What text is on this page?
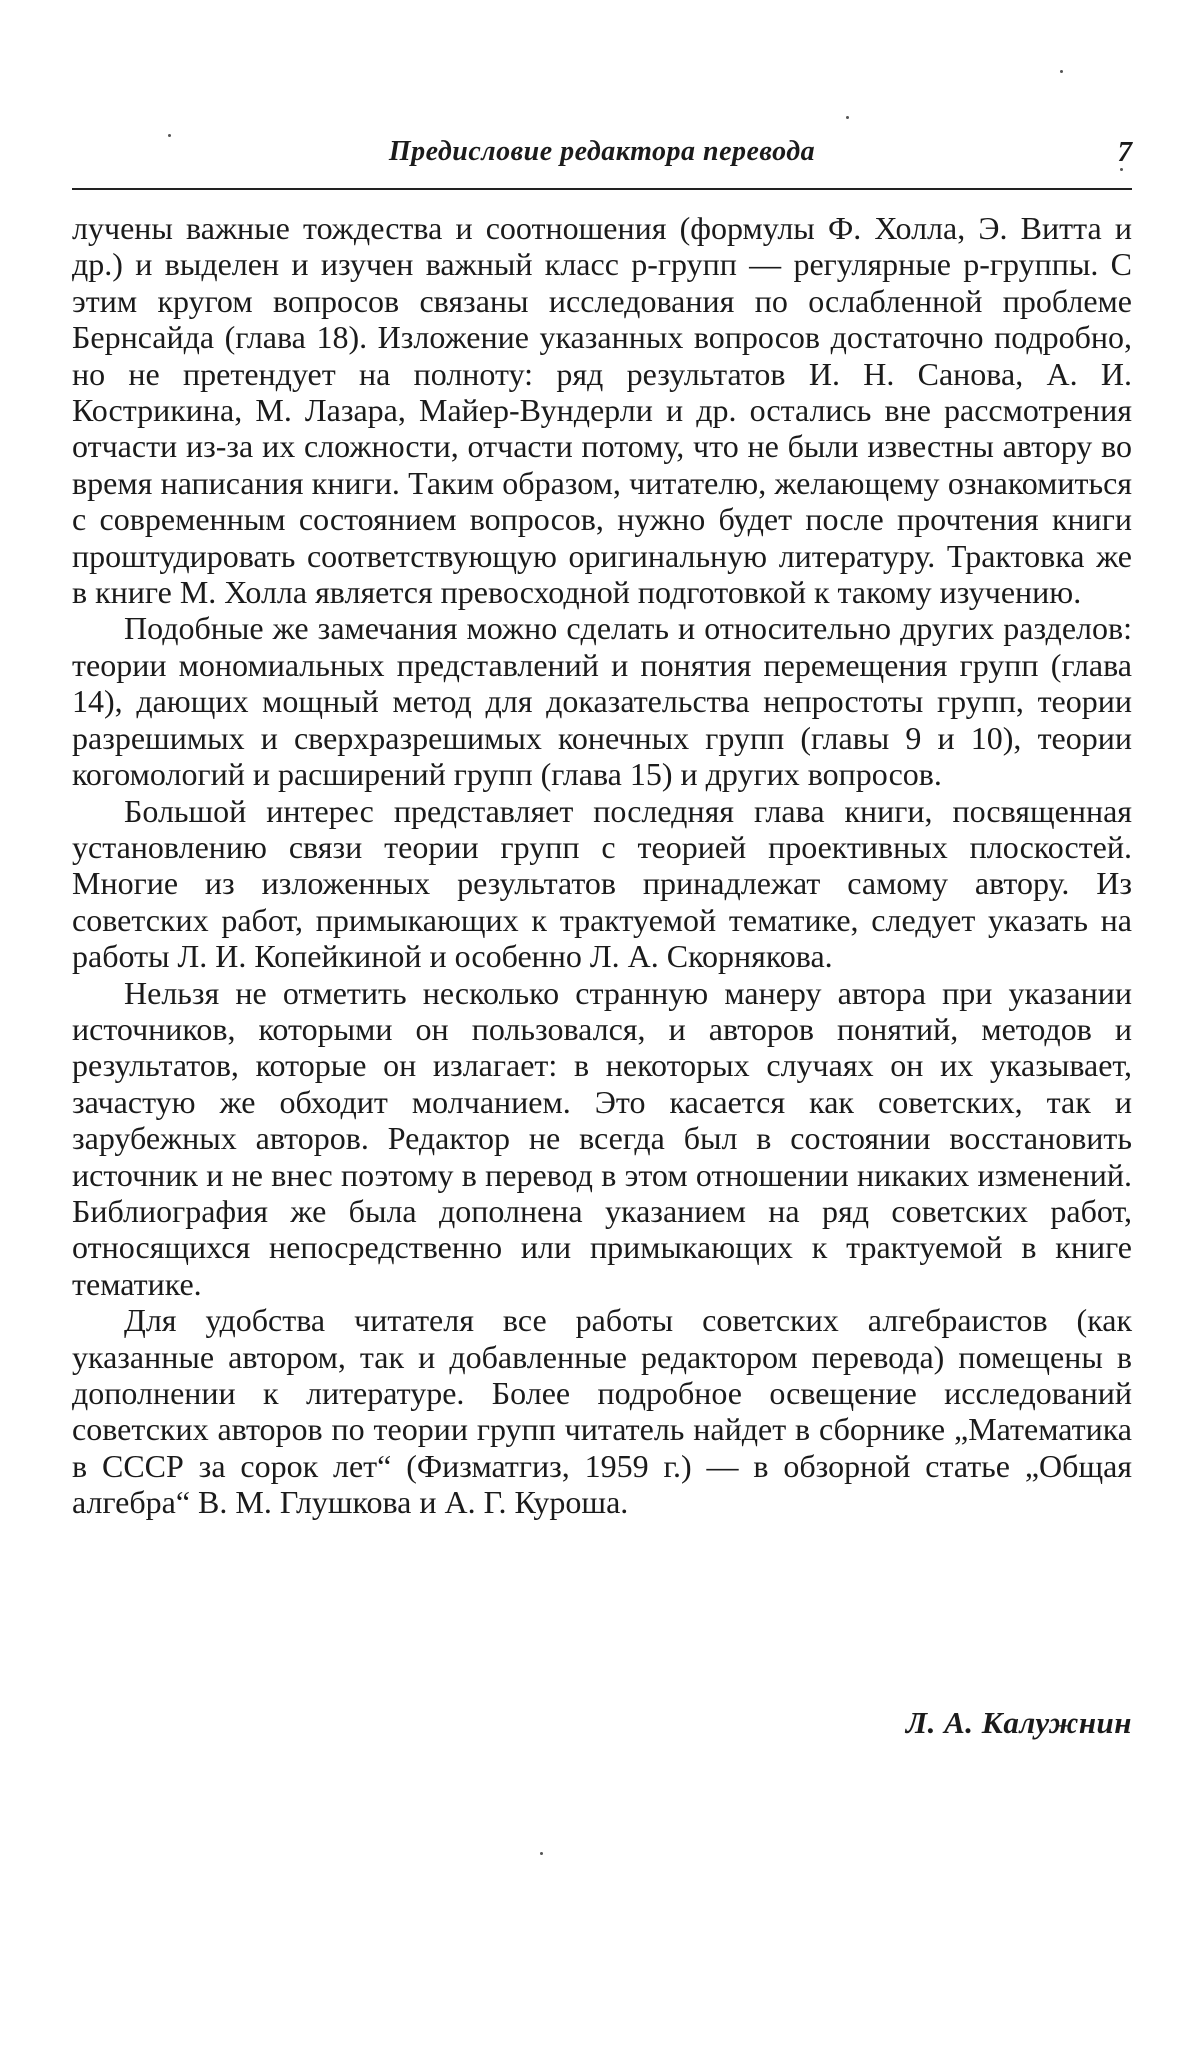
Предисловие редактора перевода	7

лучены важные тождества и соотношения (формулы Ф. Холла, Э. Витта и др.) и выделен и изучен важный класс p-групп — регулярные p-группы. С этим кругом вопросов связаны исследования по ослабленной проблеме Бернсайда (глава 18). Изложение указанных вопросов достаточно подробно, но не претендует на полноту: ряд результатов И. Н. Санова, А. И. Кострикина, М. Лазара, Майер-Вундерли и др. остались вне рассмотрения отчасти из-за их сложности, отчасти потому, что не были известны автору во время написания книги. Таким образом, читателю, желающему ознакомиться с современным состоянием вопросов, нужно будет после прочтения книги проштудировать соответствующую оригинальную литературу. Трактовка же в книге М. Холла является превосходной подготовкой к такому изучению.

Подобные же замечания можно сделать и относительно других разделов: теории мономиальных представлений и понятия перемещения групп (глава 14), дающих мощный метод для доказательства непростоты групп, теории разрешимых и сверхразрешимых конечных групп (главы 9 и 10), теории когомологий и расширений групп (глава 15) и других вопросов.

Большой интерес представляет последняя глава книги, посвященная установлению связи теории групп с теорией проективных плоскостей. Многие из изложенных результатов принадлежат самому автору. Из советских работ, примыкающих к трактуемой тематике, следует указать на работы Л. И. Копейкиной и особенно Л. А. Скорнякова.

Нельзя не отметить несколько странную манеру автора при указании источников, которыми он пользовался, и авторов понятий, методов и результатов, которые он излагает: в некоторых случаях он их указывает, зачастую же обходит молчанием. Это касается как советских, так и зарубежных авторов. Редактор не всегда был в состоянии восстановить источник и не внес поэтому в перевод в этом отношении никаких изменений. Библиография же была дополнена указанием на ряд советских работ, относящихся непосредственно или примыкающих к трактуемой в книге тематике.

Для удобства читателя все работы советских алгебраистов (как указанные автором, так и добавленные редактором перевода) помещены в дополнении к литературе. Более подробное освещение исследований советских авторов по теории групп читатель найдет в сборнике „Математика в СССР за сорок лет“ (Физматгиз, 1959 г.) — в обзорной статье „Общая алгебра“ В. М. Глушкова и А. Г. Куроша.

Л. А. Калужнин
